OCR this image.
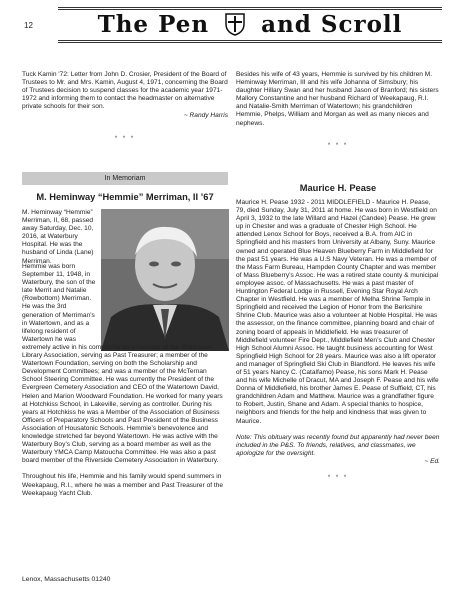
12	The Pen and Scroll

Tuck Kamin '72: Letter from John D. Crosier, President of the Board of Trustees to Mr. and Mrs. Kamin, August 4, 1971, concerning the Board of Trustees decision to suspend classes for the academic year 1971-1972 and informing them to contact the headmaster on alternative private schools for their son.

~ Randy Harris

* * *

Besides his wife of 43 years, Hemmie is survived by his children M. Heminway Merriman, III and his wife Johanna of Simsbury; his daughter Hillary Swan and her husband Jason of Branford; his sisters Mallory Constantine and her husband Richard of Weekapaug, R.I. and Natalie-Smith Merriman of Watertown; his grandchildren Hemmie, Phelps, William and Morgan as well as many nieces and nephews.

* * *

In Memoriam
M. Heminway “Hemmie” Merriman, II ’67

M. Heminway “Hemmie” Merriman, II, 68, passed away Saturday, Dec. 10, 2016, at Waterbury Hospital. He was the husband of Linda (Lane) Merriman.

Hemmie was born September 11, 1948, in Waterbury, the son of the late Merrit and Natalie (Rowbottom) Merriman. He was the 3rd generation of Merriman’s in Watertown, and as a lifelong resident of Watertown he was

Maurice H. Pease

Maurice H. Pease 1932 - 2011 MIDDLEFIELD - Maurice H. Pease, 79, died Sunday, July 31, 2011 at home. He was born in Westfield on April 3, 1932 to the late Willard and Hazel (Candee) Pease. He grew up in Chester and was a graduate of Chester High School. He attended Lenox School for Boys, received a B.A. from AIC in Springfield and his masters from University at Albany, Suny. Maurice owned and operated Blue Heaven Blueberry Farm in Middlefield for the past 51 years. He was a U.S Navy Veteran. He was a member of the Mass Farm Bureau, Hampden County Chapter and was member of Mass Blueberry’s Assoc. He was a retired state county & municipal employee assoc. of Massachusetts. He was a past master of Huntington Federal Lodge in Russell, Evening Star Royal Arch Chapter in Westfield. He was a member of Melha Shrine Temple in Springfield and received the Legion of Honor from the Berkshire Shrine Club. Maurice was also a volunteer at Noble Hospital. He was the assessor, on the finance committee, planning board and chair of zoning board of appeals in Middlefield. He was treasurer of Middlefield volunteer Fire Dept., Middlefield Men’s Club and Chester High School Alumni Assoc. He taught business accounting for West Springfield High School for 28 years. Maurice was also a lift operator and manager of Springfield Ski Club in Blandford. He leaves his wife of 51 years Nancy C. (Catalfamo) Pease, his sons Mark H. Pease and his wife Michelle of Dracut, MA and Joseph F. Pease and his wife Donna of Middlefield, his brother James E. Pease of Suffield, CT, his grandchildren Adam and Matthew. Maurice was a grandfather figure to Robert, Justin, Shane and Adam. A special thanks to hospice, neighbors and friends for the help and kindness that was given to Maurice.

Note: This obituary was recently found but apparently had never been included in the P&S. To friends, relatives, and classmates, we apologize for the oversight.

~ Ed.

* * *

Lenox, Massachusetts 01240

extremely active in his community as a member of the Watertown Library Association, serving as Past Treasurer; a member of the Watertown Foundation, serving on both the Scholarship and Development Committees; and was a member of the McTernan School Steering Committee. He was currently the President of the Evergreen Cemetery Association and CEO of the Watertown David, Helen and Marion Woodward Foundation. He worked for many years at Hotchkiss School, in Lakeville, serving as controller. During his years at Hotchkiss he was a Member of the Association of Business Officers of Preparatory Schools and Past President of the Business Association of Housatonic Schools. Hemmie’s benevolence and knowledge stretched far beyond Watertown. He was active with the Waterbury Boy’s Club, serving as a board member as well as the Waterbury YMCA Camp Matoucha Committee. He was also a past board member of the Riverside Cemetery Association in Waterbury.

Throughout his life, Hemmie and his family would spend summers in Weekapaug, R.I., where he was a member and Past Treasurer of the Weekapaug Yacht Club.
